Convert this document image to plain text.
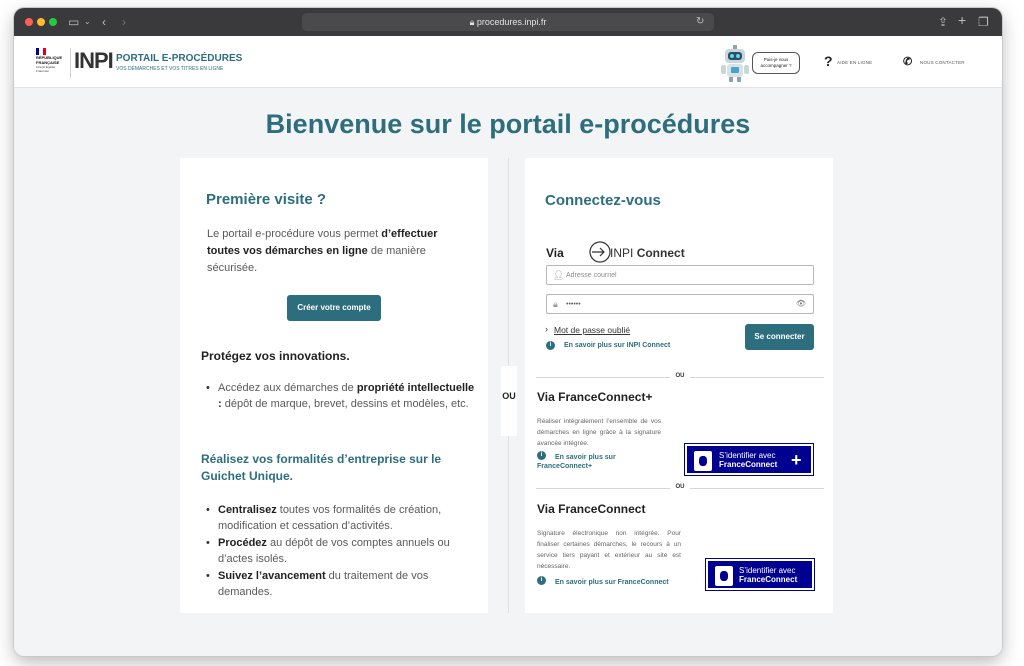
▭ ⌄ ‹ ›	🔒︎ procedures.inpi.fr	↻	⇪ + ❐
RÉPUBLIQUE
FRANÇAISE
Liberté Égalité Fraternité	INPI PORTAIL E-PROCÉDURES
VOS DÉMARCHES ET VOS TITRES EN LIGNE
Puis-je vous
accompagner ?	? AIDE EN LIGNE	✆ NOUS CONTACTER
Bienvenue sur le portail e-procédures
Première visite ?
Le portail e-procédure vous permet d’effectuer toutes vos démarches en ligne de manière sécurisée.
Créer votre compte
Protégez vos innovations.
• Accédez aux démarches de propriété intellectuelle : dépôt de marque, brevet, dessins et modèles, etc.
Réalisez vos formalités d’entreprise sur le Guichet Unique.
• Centralisez toutes vos formalités de création, modification et cessation d’activités.
• Procédez au dépôt de vos comptes annuels ou d’actes isolés.
• Suivez l’avancement du traitement de vos demandes.
OU
Connectez-vous
Via	INPI Connect
👤︎ Adresse courriel
🔒︎ ••••••	👁︎
› Mot de passe oublié
Se connecter
i	En savoir plus sur INPI Connect
OU
Via FranceConnect+
Réaliser intégralement l’ensemble de vos démarches en ligne grâce à la signature avancée intégrée.
i	En savoir plus sur
FranceConnect+
S’identifier avec
FranceConnect +
OU
Via FranceConnect
Signature électronique non intégrée. Pour finaliser certaines démarches, le recours à un service tiers payant et extérieur au site est nécessaire.
i	En savoir plus sur FranceConnect
S’identifier avec
FranceConnect
